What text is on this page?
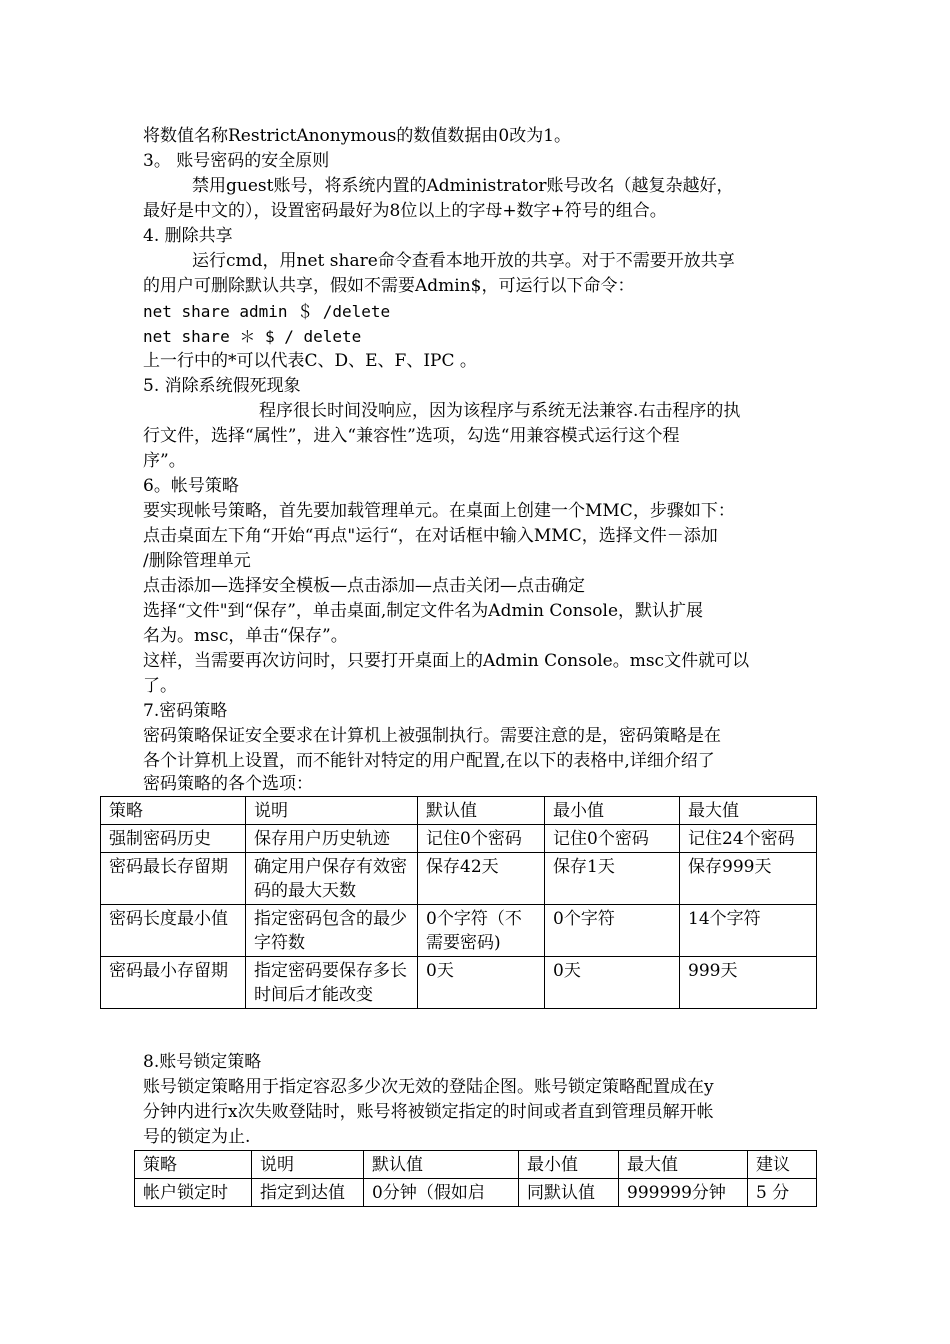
将数值名称RestrictAnonymous的数值数据由0改为1。
3。 账号密码的安全原则
禁用guest账号，将系统内置的Administrator账号改名（越复杂越好，
最好是中文的），设置密码最好为8位以上的字母+数字+符号的组合。
4. 删除共享
运行cmd，用net share命令查看本地开放的共享。对于不需要开放共享
的用户可删除默认共享，假如不需要Admin$，可运行以下命令：
net share admin ＄ /delete
net share ＊ $ / delete
上一行中的*可以代表C、D、E、F、IPC 。
5. 消除系统假死现象
程序很长时间没响应，因为该程序与系统无法兼容.右击程序的执
行文件，选择“属性”，进入“兼容性”选项，勾选“用兼容模式运行这个程
序”。
6。帐号策略
要实现帐号策略，首先要加载管理单元。在桌面上创建一个MMC，步骤如下：
点击桌面左下角“开始“再点"运行“，在对话框中输入MMC，选择文件－添加
/删除管理单元
点击添加—选择安全模板—点击添加—点击关闭—点击确定
选择“文件"到“保存”，单击桌面,制定文件名为Admin Console，默认扩展
名为。msc，单击“保存”。
这样，当需要再次访问时，只要打开桌面上的Admin Console。msc文件就可以
了。
7.密码策略
密码策略保证安全要求在计算机上被强制执行。需要注意的是，密码策略是在
各个计算机上设置，而不能针对特定的用户配置,在以下的表格中,详细介绍了
密码策略的各个选项：
策略	说明	默认值	最小值	最大值
强制密码历史	保存用户历史轨迹	记住0个密码	记住0个密码	记住24个密码
密码最长存留期	确定用户保存有效密码的最大天数	保存42天	保存1天	保存999天
密码长度最小值	指定密码包含的最少字符数	0个字符（不需要密码)	0个字符	14个字符
密码最小存留期	指定密码要保存多长时间后才能改变	0天	0天	999天
8.账号锁定策略
账号锁定策略用于指定容忍多少次无效的登陆企图。账号锁定策略配置成在y
分钟内进行x次失败登陆时，账号将被锁定指定的时间或者直到管理员解开帐
号的锁定为止.
策略	说明	默认值	最小值	最大值	建议
帐户锁定时	指定到达值	0分钟（假如启	同默认值	999999分钟	5 分
